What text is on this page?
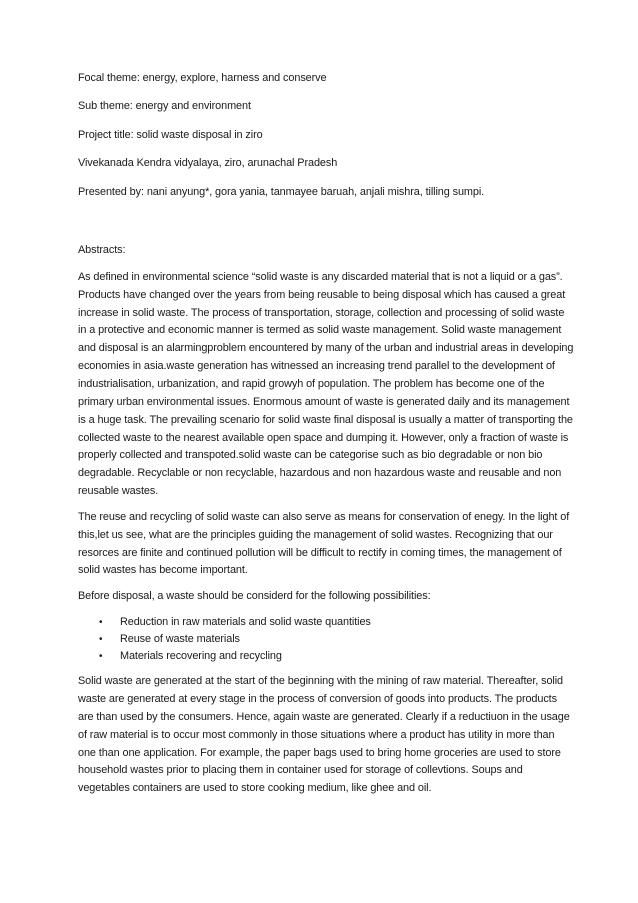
Focal theme: energy, explore, harness and conserve

Sub theme: energy and environment

Project title: solid waste disposal in ziro

Vivekanada Kendra vidyalaya, ziro, arunachal Pradesh

Presented by: nani anyung*, gora yania, tanmayee baruah, anjali mishra, tilling sumpi.

Abstracts:

As defined in environmental science “solid waste is any discarded material that is not a liquid or a gas”. Products have changed over the years from being reusable to being disposal which has caused a great increase in solid waste. The process of transportation, storage, collection and processing of solid waste in a protective and economic manner is termed as solid waste management. Solid waste management and disposal is an alarmingproblem encountered by many of the urban and industrial areas in developing economies in asia.waste generation has witnessed an increasing trend parallel to the development of industrialisation, urbanization, and rapid growyh of population. The problem has become one of the primary urban environmental issues. Enormous amount of waste is generated daily and its management is a huge task. The prevailing scenario for solid waste final disposal is usually a matter of transporting the collected waste to the nearest available open space and dumping it. However, only a fraction of waste is properly collected and transpoted.solid waste can be categorise such as bio degradable or non bio degradable. Recyclable or non recyclable, hazardous and non hazardous waste and reusable and non reusable wastes.

The reuse and recycling of solid waste can also serve as means for conservation of enegy. In the light of this,let us see, what are the principles guiding the management of solid wastes. Recognizing that our resorces are finite and continued pollution will be difficult to rectify in coming times, the management of solid wastes has become important.

Before disposal, a waste should be considerd for the following possibilities:

• Reduction in raw materials and solid waste quantities
• Reuse of waste materials
• Materials recovering and recycling

Solid waste are generated at the start of the beginning with the mining of raw material. Thereafter, solid waste are generated at every stage in the process of conversion of goods into products. The products are than used by the consumers. Hence, again waste are generated. Clearly if a reductiuon in the usage of raw material is to occur most commonly in those situations where a product has utility in more than one than one application. For example, the paper bags used to bring home groceries are used to store household wastes prior to placing them in container used for storage of collevtions. Soups and vegetables containers are used to store cooking medium, like ghee and oil.
